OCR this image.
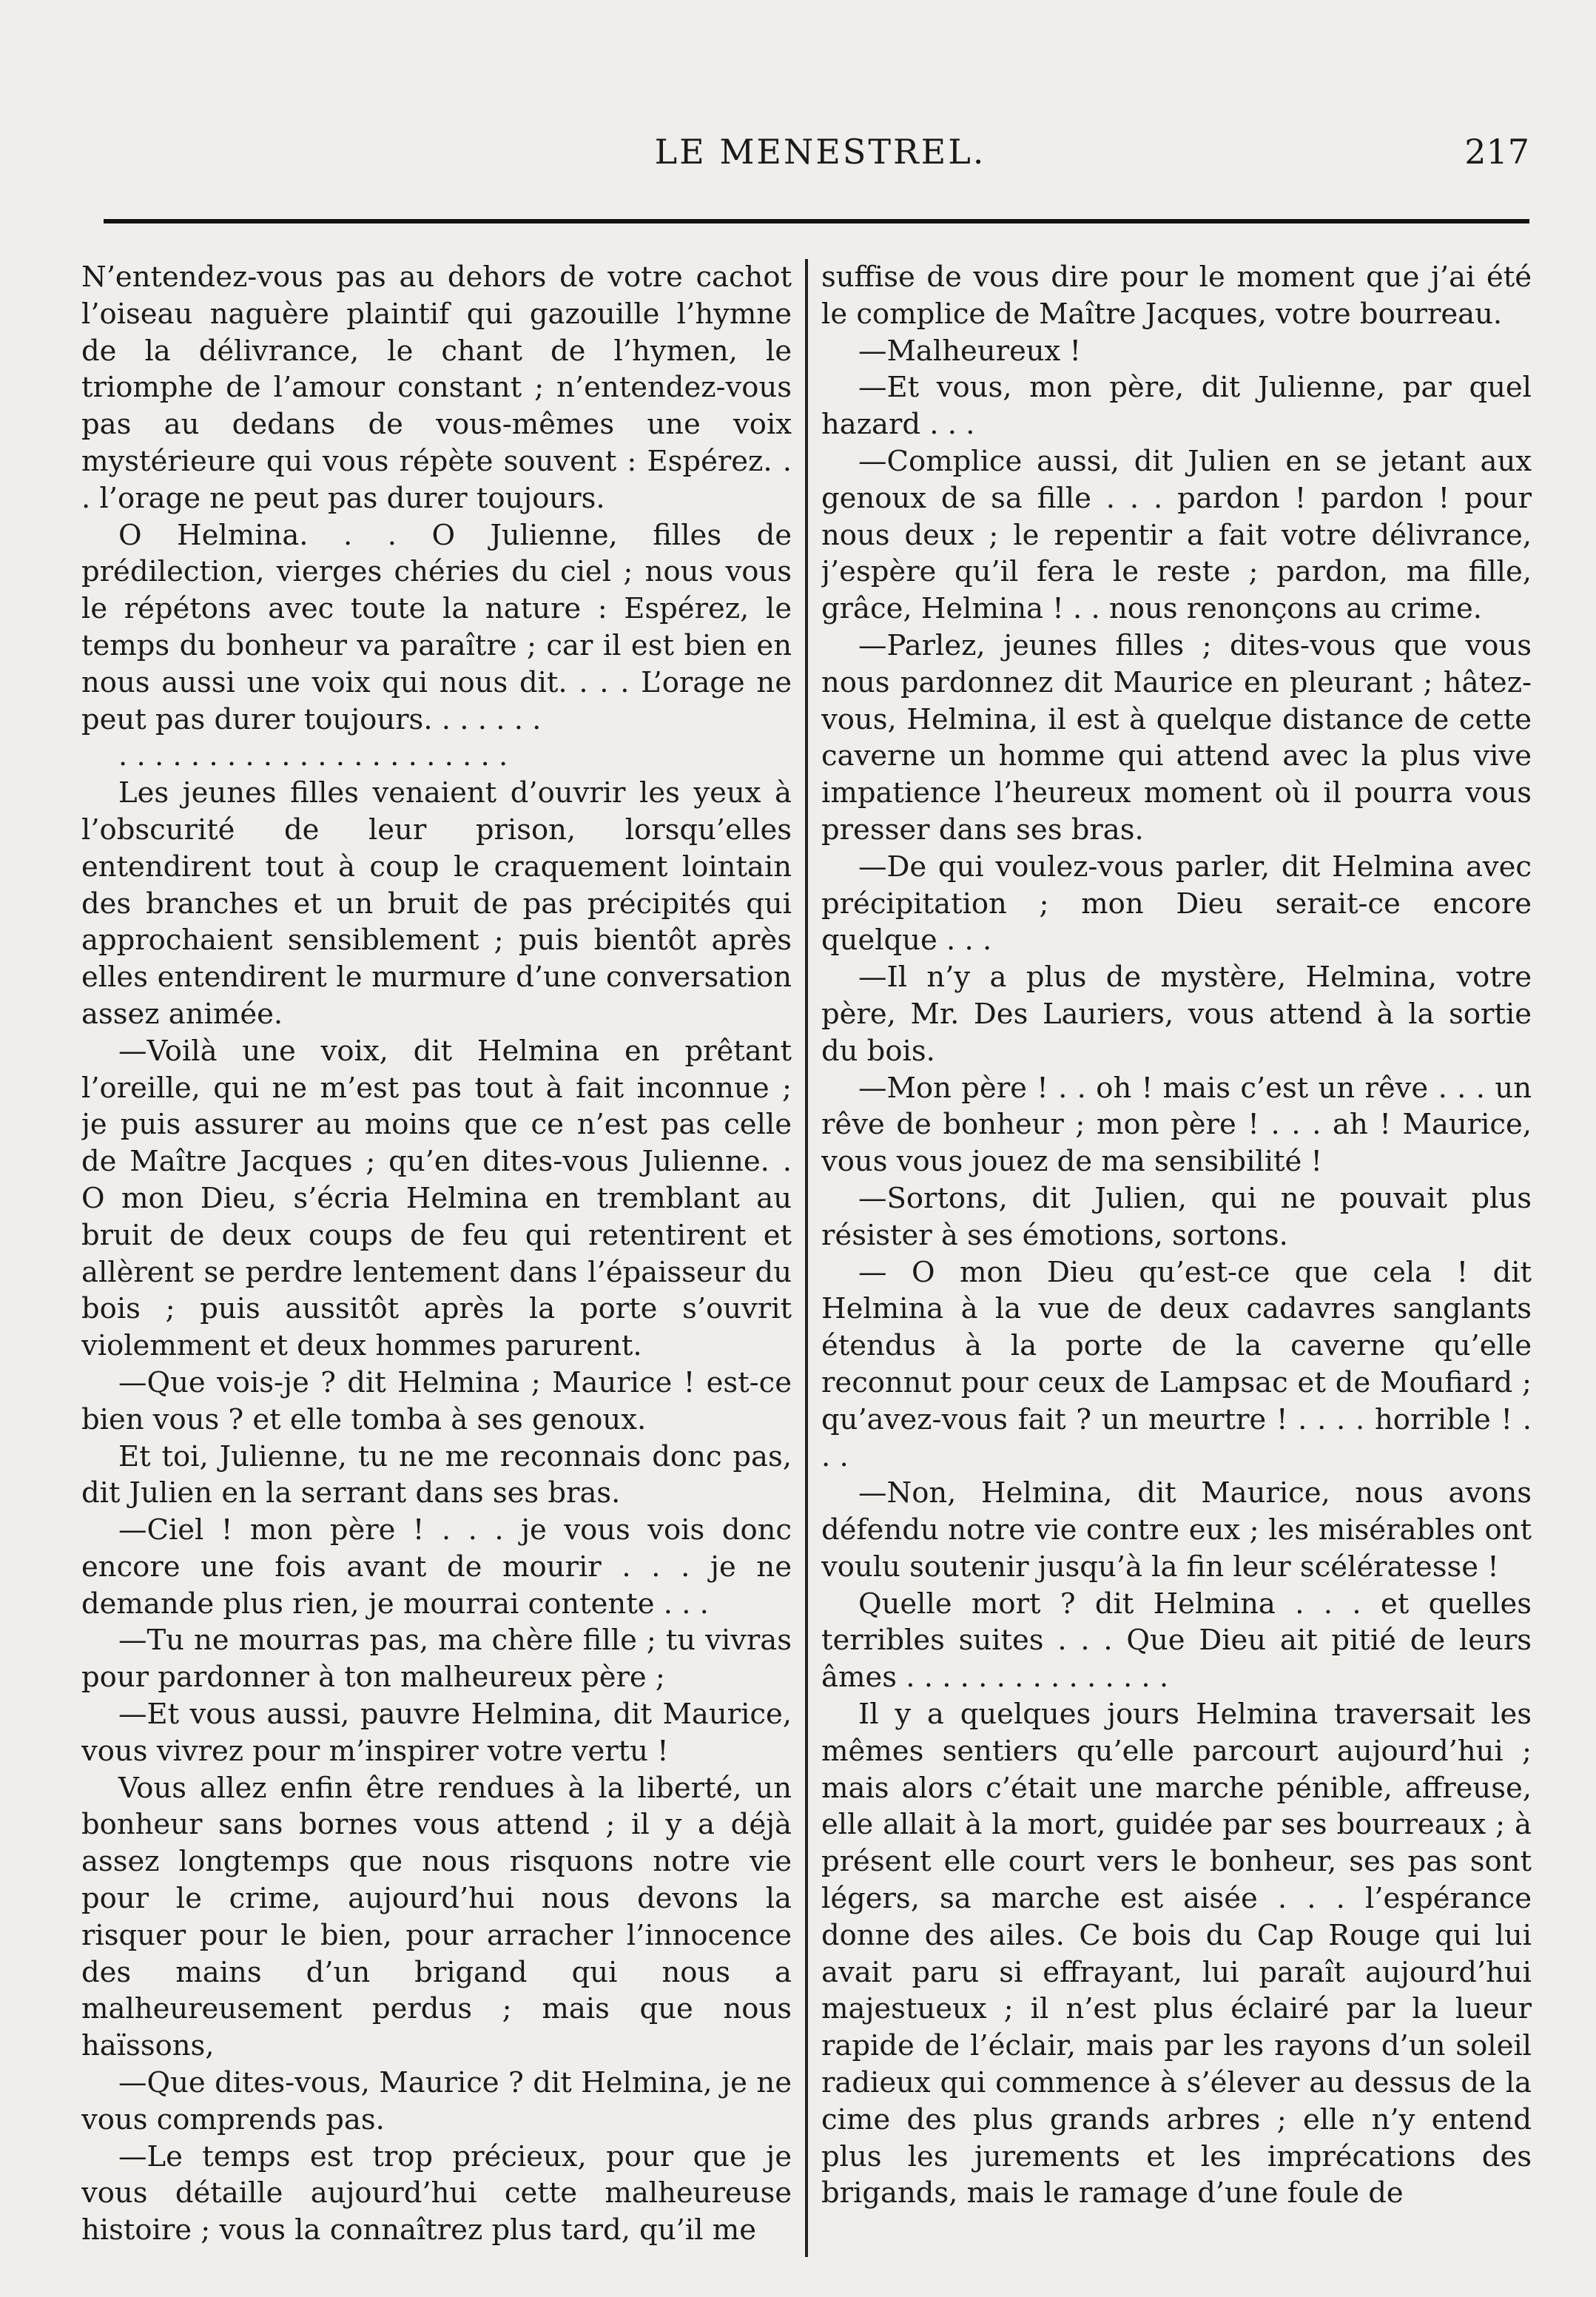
LE MENESTREL.	217

N’entendez-vous pas au dehors de votre cachot l’oiseau naguère plaintif qui gazouille l’hymne de la délivrance, le chant de l’hymen, le triomphe de l’amour constant ; n’entendez-vous pas au dedans de vous-mêmes une voix mystérieure qui vous répète souvent : Espérez. . . l’orage ne peut pas durer toujours.

O Helmina. . . O Julienne, filles de prédilection, vierges chéries du ciel ; nous vous le répétons avec toute la nature : Espérez, le temps du bonheur va paraître ; car il est bien en nous aussi une voix qui nous dit. . . . L’orage ne peut pas durer toujours. . . . . . .

. . . . . . . . . . . . . . . . . . . . . .

Les jeunes filles venaient d’ouvrir les yeux à l’obscurité de leur prison, lorsqu’elles entendirent tout à coup le craquement lointain des branches et un bruit de pas précipités qui approchaient sensiblement ; puis bientôt après elles entendirent le murmure d’une conversation assez animée.

—Voilà une voix, dit Helmina en prêtant l’oreille, qui ne m’est pas tout à fait inconnue ; je puis assurer au moins que ce n’est pas celle de Maître Jacques ; qu’en dites-vous Julienne. . O mon Dieu, s’écria Helmina en tremblant au bruit de deux coups de feu qui retentirent et allèrent se perdre lentement dans l’épaisseur du bois ; puis aussitôt après la porte s’ouvrit violemment et deux hommes parurent.

—Que vois-je ? dit Helmina ; Maurice ! est-ce bien vous ? et elle tomba à ses genoux.

Et toi, Julienne, tu ne me reconnais donc pas, dit Julien en la serrant dans ses bras.

—Ciel ! mon père ! . . . je vous vois donc encore une fois avant de mourir . . . je ne demande plus rien, je mourrai contente . . .

—Tu ne mourras pas, ma chère fille ; tu vivras pour pardonner à ton malheureux père ;

—Et vous aussi, pauvre Helmina, dit Maurice, vous vivrez pour m’inspirer votre vertu !

Vous allez enfin être rendues à la liberté, un bonheur sans bornes vous attend ; il y a déjà assez longtemps que nous risquons notre vie pour le crime, aujourd’hui nous devons la risquer pour le bien, pour arracher l’innocence des mains d’un brigand qui nous a malheureusement perdus ; mais que nous haïssons,

—Que dites-vous, Maurice ? dit Helmina, je ne vous comprends pas.

—Le temps est trop précieux, pour que je vous détaille aujourd’hui cette malheureuse histoire ; vous la connaîtrez plus tard, qu’il me

suffise de vous dire pour le moment que j’ai été le complice de Maître Jacques, votre bourreau.

—Malheureux !

—Et vous, mon père, dit Julienne, par quel hazard . . .

—Complice aussi, dit Julien en se jetant aux genoux de sa fille . . . pardon ! pardon ! pour nous deux ; le repentir a fait votre délivrance, j’espère qu’il fera le reste ; pardon, ma fille, grâce, Helmina ! . . nous renonçons au crime.

—Parlez, jeunes filles ; dites-vous que vous nous pardonnez dit Maurice en pleurant ; hâtez-vous, Helmina, il est à quelque distance de cette caverne un homme qui attend avec la plus vive impatience l’heureux moment où il pourra vous presser dans ses bras.

—De qui voulez-vous parler, dit Helmina avec précipitation ; mon Dieu serait-ce encore quelque . . .

—Il n’y a plus de mystère, Helmina, votre père, Mr. Des Lauriers, vous attend à la sortie du bois.

—Mon père ! . . oh ! mais c’est un rêve . . . un rêve de bonheur ; mon père ! . . . ah ! Maurice, vous vous jouez de ma sensibilité !

—Sortons, dit Julien, qui ne pouvait plus résister à ses émotions, sortons.

— O mon Dieu qu’est-ce que cela ! dit Helmina à la vue de deux cadavres sanglants étendus à la porte de la caverne qu’elle reconnut pour ceux de Lampsac et de Moufiard ; qu’avez-vous fait ? un meurtre ! . . . . horrible ! . . .

—Non, Helmina, dit Maurice, nous avons défendu notre vie contre eux ; les misérables ont voulu soutenir jusqu’à la fin leur scélératesse !

Quelle mort ? dit Helmina . . . et quelles terribles suites . . . Que Dieu ait pitié de leurs âmes . . . . . . . . . . . . . . .

Il y a quelques jours Helmina traversait les mêmes sentiers qu’elle parcourt aujourd’hui ; mais alors c’était une marche pénible, affreuse, elle allait à la mort, guidée par ses bourreaux ; à présent elle court vers le bonheur, ses pas sont légers, sa marche est aisée . . . l’espérance donne des ailes. Ce bois du Cap Rouge qui lui avait paru si effrayant, lui paraît aujourd’hui majestueux ; il n’est plus éclairé par la lueur rapide de l’éclair, mais par les rayons d’un soleil radieux qui commence à s’élever au dessus de la cime des plus grands arbres ; elle n’y entend plus les jurements et les imprécations des brigands, mais le ramage d’une foule de
